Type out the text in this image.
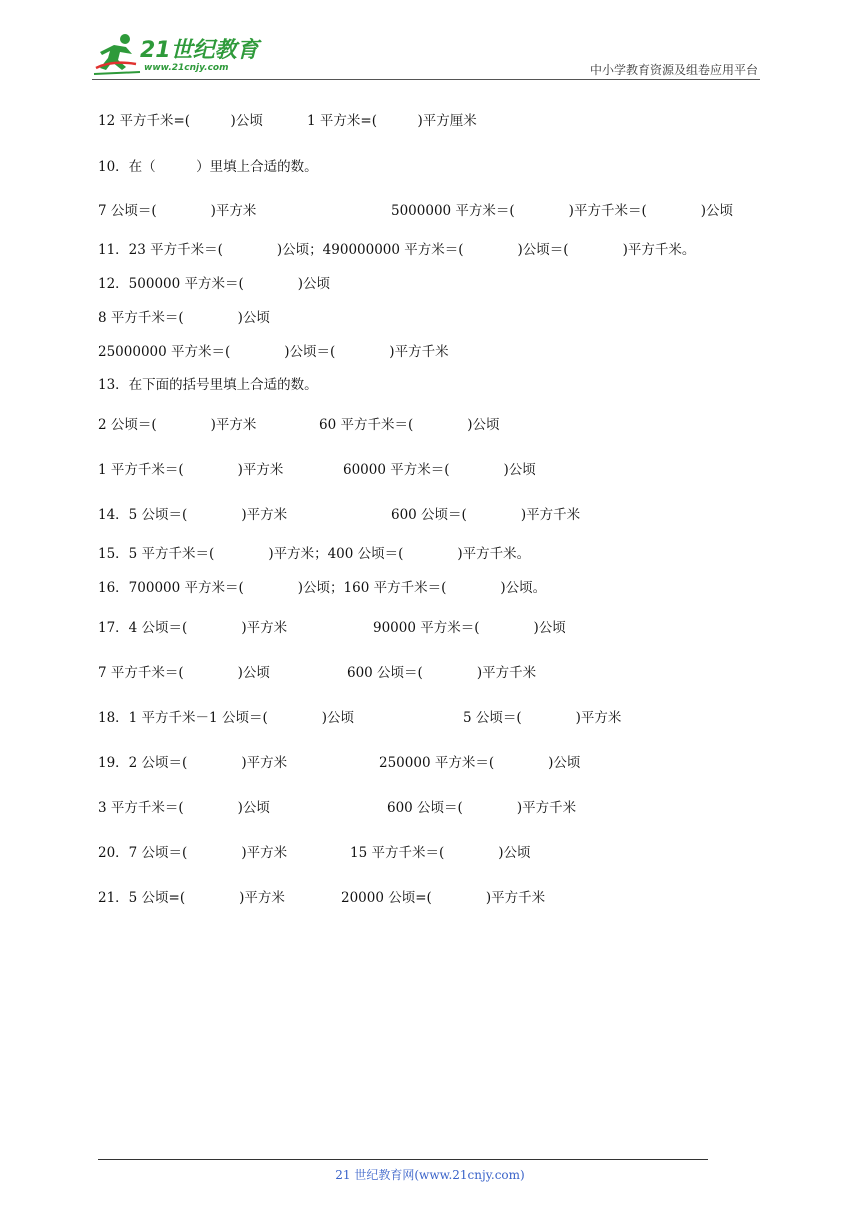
21世纪教育
www.21cnjy.com	中小学教育资源及组卷应用平台
12 平方千米=(　　　)公顷	1 平方米=(　　　)平方厘米
10．在（　　　）里填上合适的数。
7 公顷＝(　　　　)平方米	5000000 平方米＝(　　　　)平方千米＝(　　　　)公顷
11．23 平方千米＝(　　　　)公顷；490000000 平方米＝(　　　　)公顷＝(　　　　)平方千米。
12．500000 平方米＝(　　　　)公顷
8 平方千米＝(　　　　)公顷
25000000 平方米＝(　　　　)公顷＝(　　　　)平方千米
13．在下面的括号里填上合适的数。
2 公顷＝(　　　　)平方米	60 平方千米＝(　　　　)公顷
1 平方千米＝(　　　　)平方米	60000 平方米＝(　　　　)公顷
14．5 公顷＝(　　　　)平方米	600 公顷＝(　　　　)平方千米
15．5 平方千米＝(　　　　)平方米；400 公顷＝(　　　　)平方千米。
16．700000 平方米＝(　　　　)公顷；160 平方千米＝(　　　　)公顷。
17．4 公顷＝(　　　　)平方米	90000 平方米＝(　　　　)公顷
7 平方千米＝(　　　　)公顷	600 公顷＝(　　　　)平方千米
18．1 平方千米－1 公顷＝(　　　　)公顷	5 公顷＝(　　　　)平方米
19．2 公顷＝(　　　　)平方米	250000 平方米＝(　　　　)公顷
3 平方千米＝(　　　　)公顷	600 公顷＝(　　　　)平方千米
20．7 公顷＝(　　　　)平方米	15 平方千米＝(　　　　)公顷
21．5 公顷=(　　　　)平方米	20000 公顷=(　　　　)平方千米
21 世纪教育网(www.21cnjy.com)
